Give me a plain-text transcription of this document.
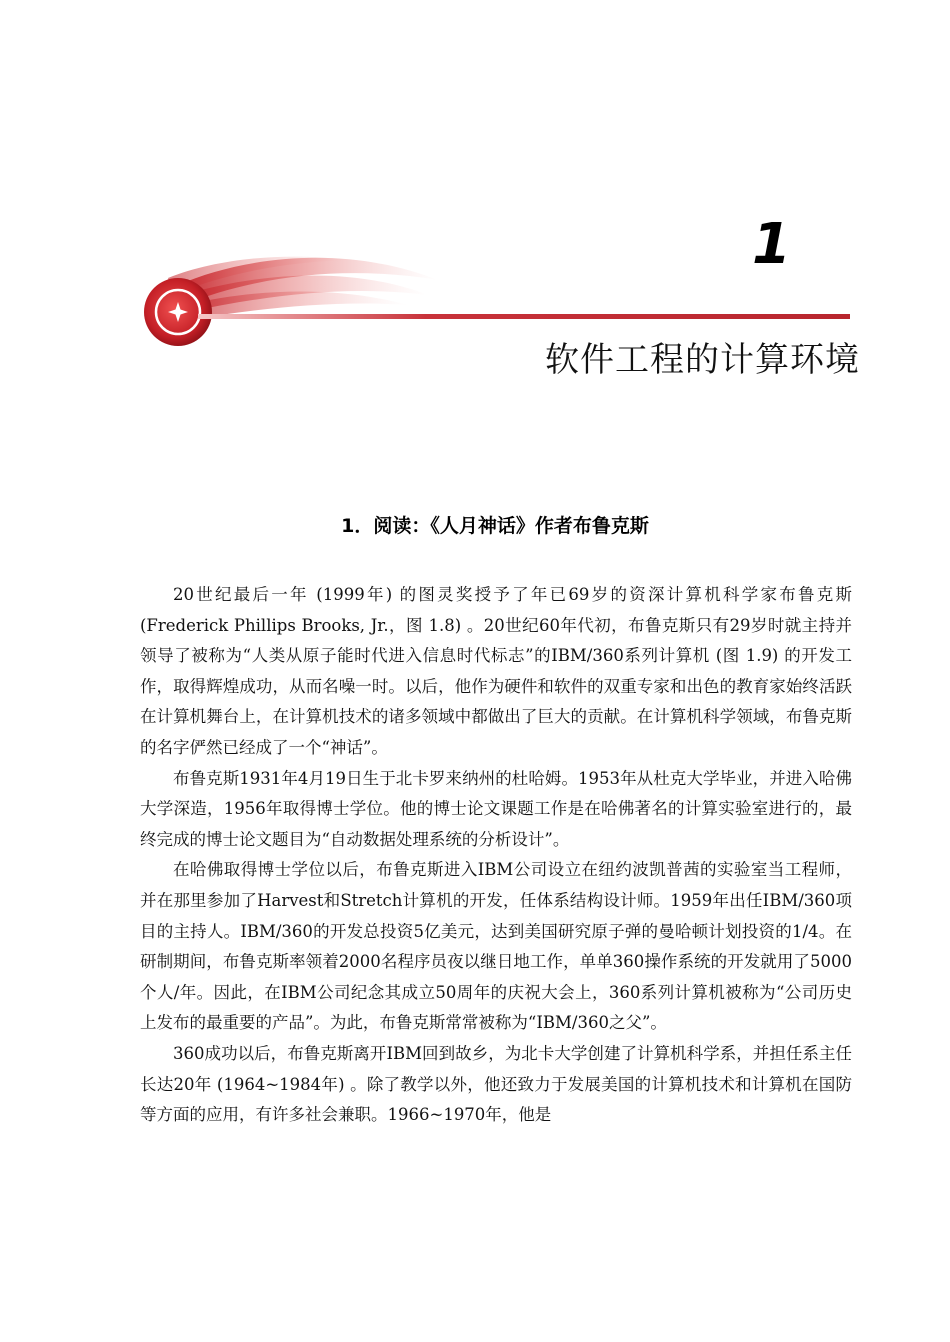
1
软件工程的计算环境
1．阅读：《人月神话》作者布鲁克斯

20世纪最后一年 (1999年) 的图灵奖授予了年已69岁的资深计算机科学家布鲁克斯 (Frederick Phillips Brooks, Jr.，图 1.8) 。20世纪60年代初，布鲁克斯只有29岁时就主持并领导了被称为“人类从原子能时代进入信息时代标志”的IBM/360系列计算机 (图 1.9) 的开发工作，取得辉煌成功，从而名噪一时。以后，他作为硬件和软件的双重专家和出色的教育家始终活跃在计算机舞台上，在计算机技术的诸多领域中都做出了巨大的贡献。在计算机科学领域，布鲁克斯的名字俨然已经成了一个“神话”。

布鲁克斯1931年4月19日生于北卡罗来纳州的杜哈姆。1953年从杜克大学毕业，并进入哈佛大学深造，1956年取得博士学位。他的博士论文课题工作是在哈佛著名的计算实验室进行的，最终完成的博士论文题目为“自动数据处理系统的分析设计”。

在哈佛取得博士学位以后，布鲁克斯进入IBM公司设立在纽约波凯普茜的实验室当工程师，并在那里参加了Harvest和Stretch计算机的开发，任体系结构设计师。1959年出任IBM/360项目的主持人。IBM/360的开发总投资5亿美元，达到美国研究原子弹的曼哈顿计划投资的1/4。在研制期间，布鲁克斯率领着2000名程序员夜以继日地工作，单单360操作系统的开发就用了5000个人/年。因此，在IBM公司纪念其成立50周年的庆祝大会上，360系列计算机被称为“公司历史上发布的最重要的产品”。为此，布鲁克斯常常被称为“IBM/360之父”。

360成功以后，布鲁克斯离开IBM回到故乡，为北卡大学创建了计算机科学系，并担任系主任长达20年 (1964~1984年) 。除了教学以外，他还致力于发展美国的计算机技术和计算机在国防等方面的应用，有许多社会兼职。1966~1970年，他是
